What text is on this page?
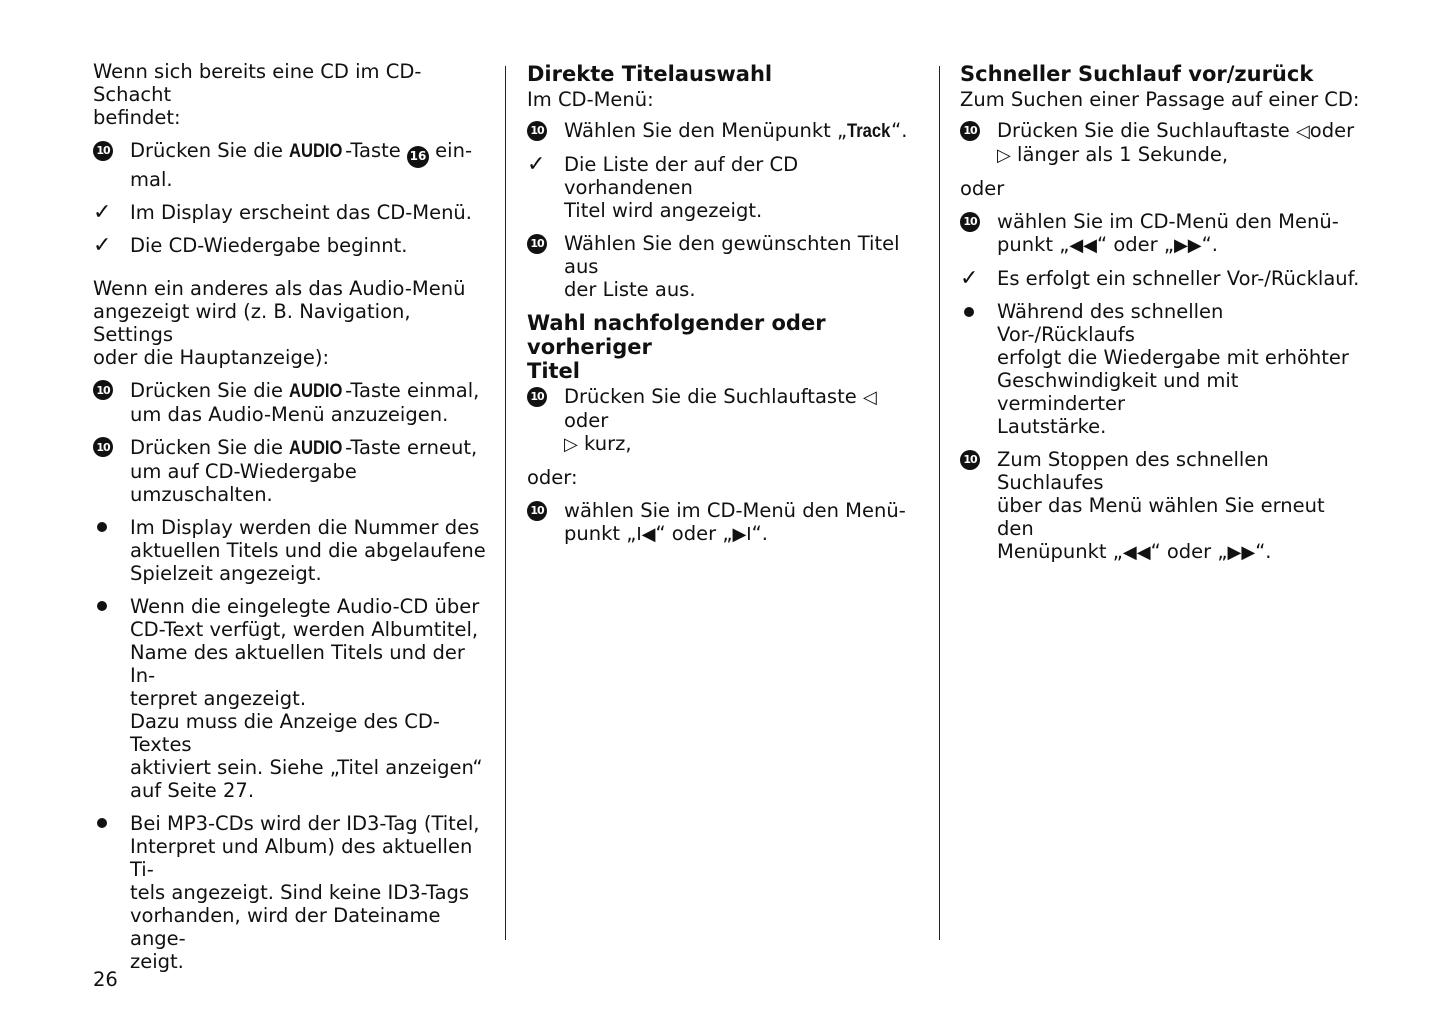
Wenn sich bereits eine CD im CD-Schacht
befindet:

10 Drücken Sie die AUDIO -Taste 16 ein-
mal.
✓ Im Display erscheint das CD-Menü.
✓ Die CD-Wiedergabe beginnt.

Wenn ein anderes als das Audio-Menü
angezeigt wird (z. B. Navigation, Settings
oder die Hauptanzeige):

10 Drücken Sie die AUDIO -Taste einmal,
um das Audio-Menü anzuzeigen.
10 Drücken Sie die AUDIO -Taste erneut,
um auf CD-Wiedergabe umzuschalten.
Im Display werden die Nummer des
aktuellen Titels und die abgelaufene
Spielzeit angezeigt.
Wenn die eingelegte Audio-CD über
CD-Text verfügt, werden Albumtitel,
Name des aktuellen Titels und der In-
terpret angezeigt.
Dazu muss die Anzeige des CD-Textes
aktiviert sein. Siehe „Titel anzeigen“
auf Seite 27.
Bei MP3-CDs wird der ID3-Tag (Titel,
Interpret und Album) des aktuellen Ti-
tels angezeigt. Sind keine ID3-Tags
vorhanden, wird der Dateiname ange-
zeigt.
Direkte Titelauswahl

Im CD-Menü:

10 Wählen Sie den Menüpunkt „Track“.
✓ Die Liste der auf der CD vorhandenen
Titel wird angezeigt.
10 Wählen Sie den gewünschten Titel aus
der Liste aus.
Wahl nachfolgender oder vorheriger
Titel
10 Drücken Sie die Suchlauftaste ◁ oder
▷ kurz,

oder:

10 wählen Sie im CD-Menü den Menü-
punkt „I◀“ oder „▶I“.
Schneller Suchlauf vor/zurück

Zum Suchen einer Passage auf einer CD:

10 Drücken Sie die Suchlauftaste ◁oder
▷ länger als 1 Sekunde,

oder

10 wählen Sie im CD-Menü den Menü-
punkt „◀◀“ oder „▶▶“.
✓ Es erfolgt ein schneller Vor-/Rücklauf.
Während des schnellen Vor-/Rücklaufs
erfolgt die Wiedergabe mit erhöhter
Geschwindigkeit und mit verminderter
Lautstärke.
10 Zum Stoppen des schnellen Suchlaufes
über das Menü wählen Sie erneut den
Menüpunkt „◀◀“ oder „▶▶“.
26
